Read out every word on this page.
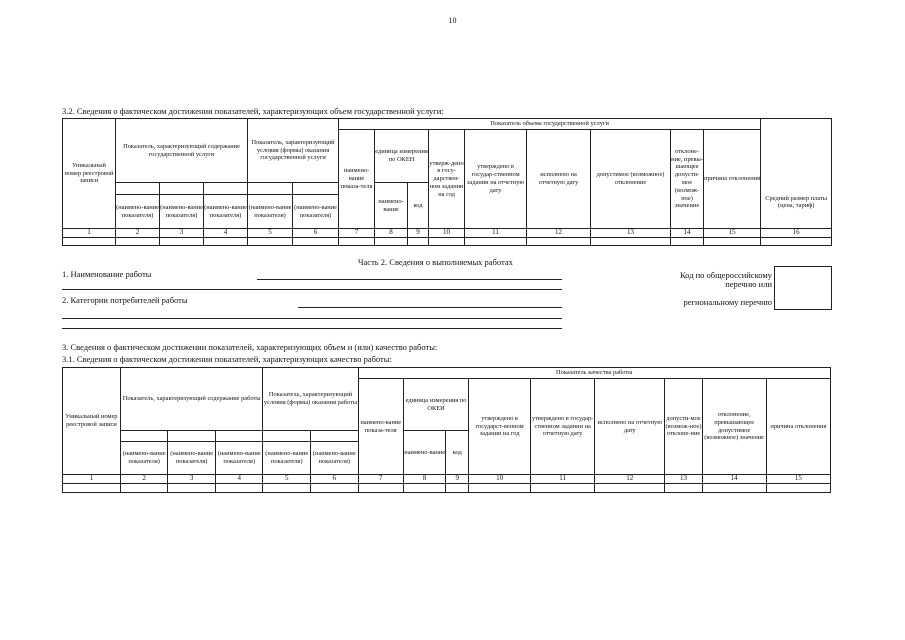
10
3.2. Сведения о фактическом достижении показателей, характеризующих объем государственной услуги:
Уникальный номер реестровой записи	Показатель, характеризующий содержание государственной услуги			Показатель, характеризующий условия (формы) оказания государственной услуги		Показатель объема государственной услуги									
						наимено-вание показа-теля	единица измерения по ОКЕН		утверж-дено в госу-дарствен-ном задании на год	утверждено в государ-ственном задании на отчетную дату	исполнено на отчетную дату	допустимое (возможное) отклонение	отклоне-ние, превы-шающее допусти-мое (возмож-ное) значение	причина отклонения	
							наимено-вание	код							
	(наимено-вание показателя)	(наимено-вание показателя)	(наимено-вание показателя)	(наимено-вание показателя)	(наимено-вание показателя)										Средний размер платы (цена, тариф)
1	2	3	4	5	6	7	8	9	10	11	12	13	14	15	16

Часть 2. Сведения о выполняемых работах
1. Наименование работы
2. Категории потребителей работы
Код по общероссийскому
перечню или
региональному перечню
3. Сведения о фактическом достижении показателей, характеризующих объем и (или) качество работы:
3.1. Сведения о фактическом достижении показателей, характеризующих качество работы:
Уникальный номер реестровой записи	Показатель, характеризующий содержание работы			Показатель, характеризующий условия (формы) оказания работы		Показатель качества работы								
						наимено-вание показа-теля	единица измерения по ОКЕИ		утверждено в государст-венном задании на год	утверждено в государ-ственном задании на отчетную дату	исполнено на отчетную дату	допусти-мое (возмож-ное) отклоне-ние	отклонение, превышающее допустимое (возможное) значение	причина отклонения
							наимено-вание	код						
	(наимено-вание показателя)	(наимено-вание показателя)	(наимено-вание показателя)	(наимено-вание показателя)	(наимено-вание показателя)									
1	2	3	4	5	6	7	8	9	10	11	12	13	14	15
